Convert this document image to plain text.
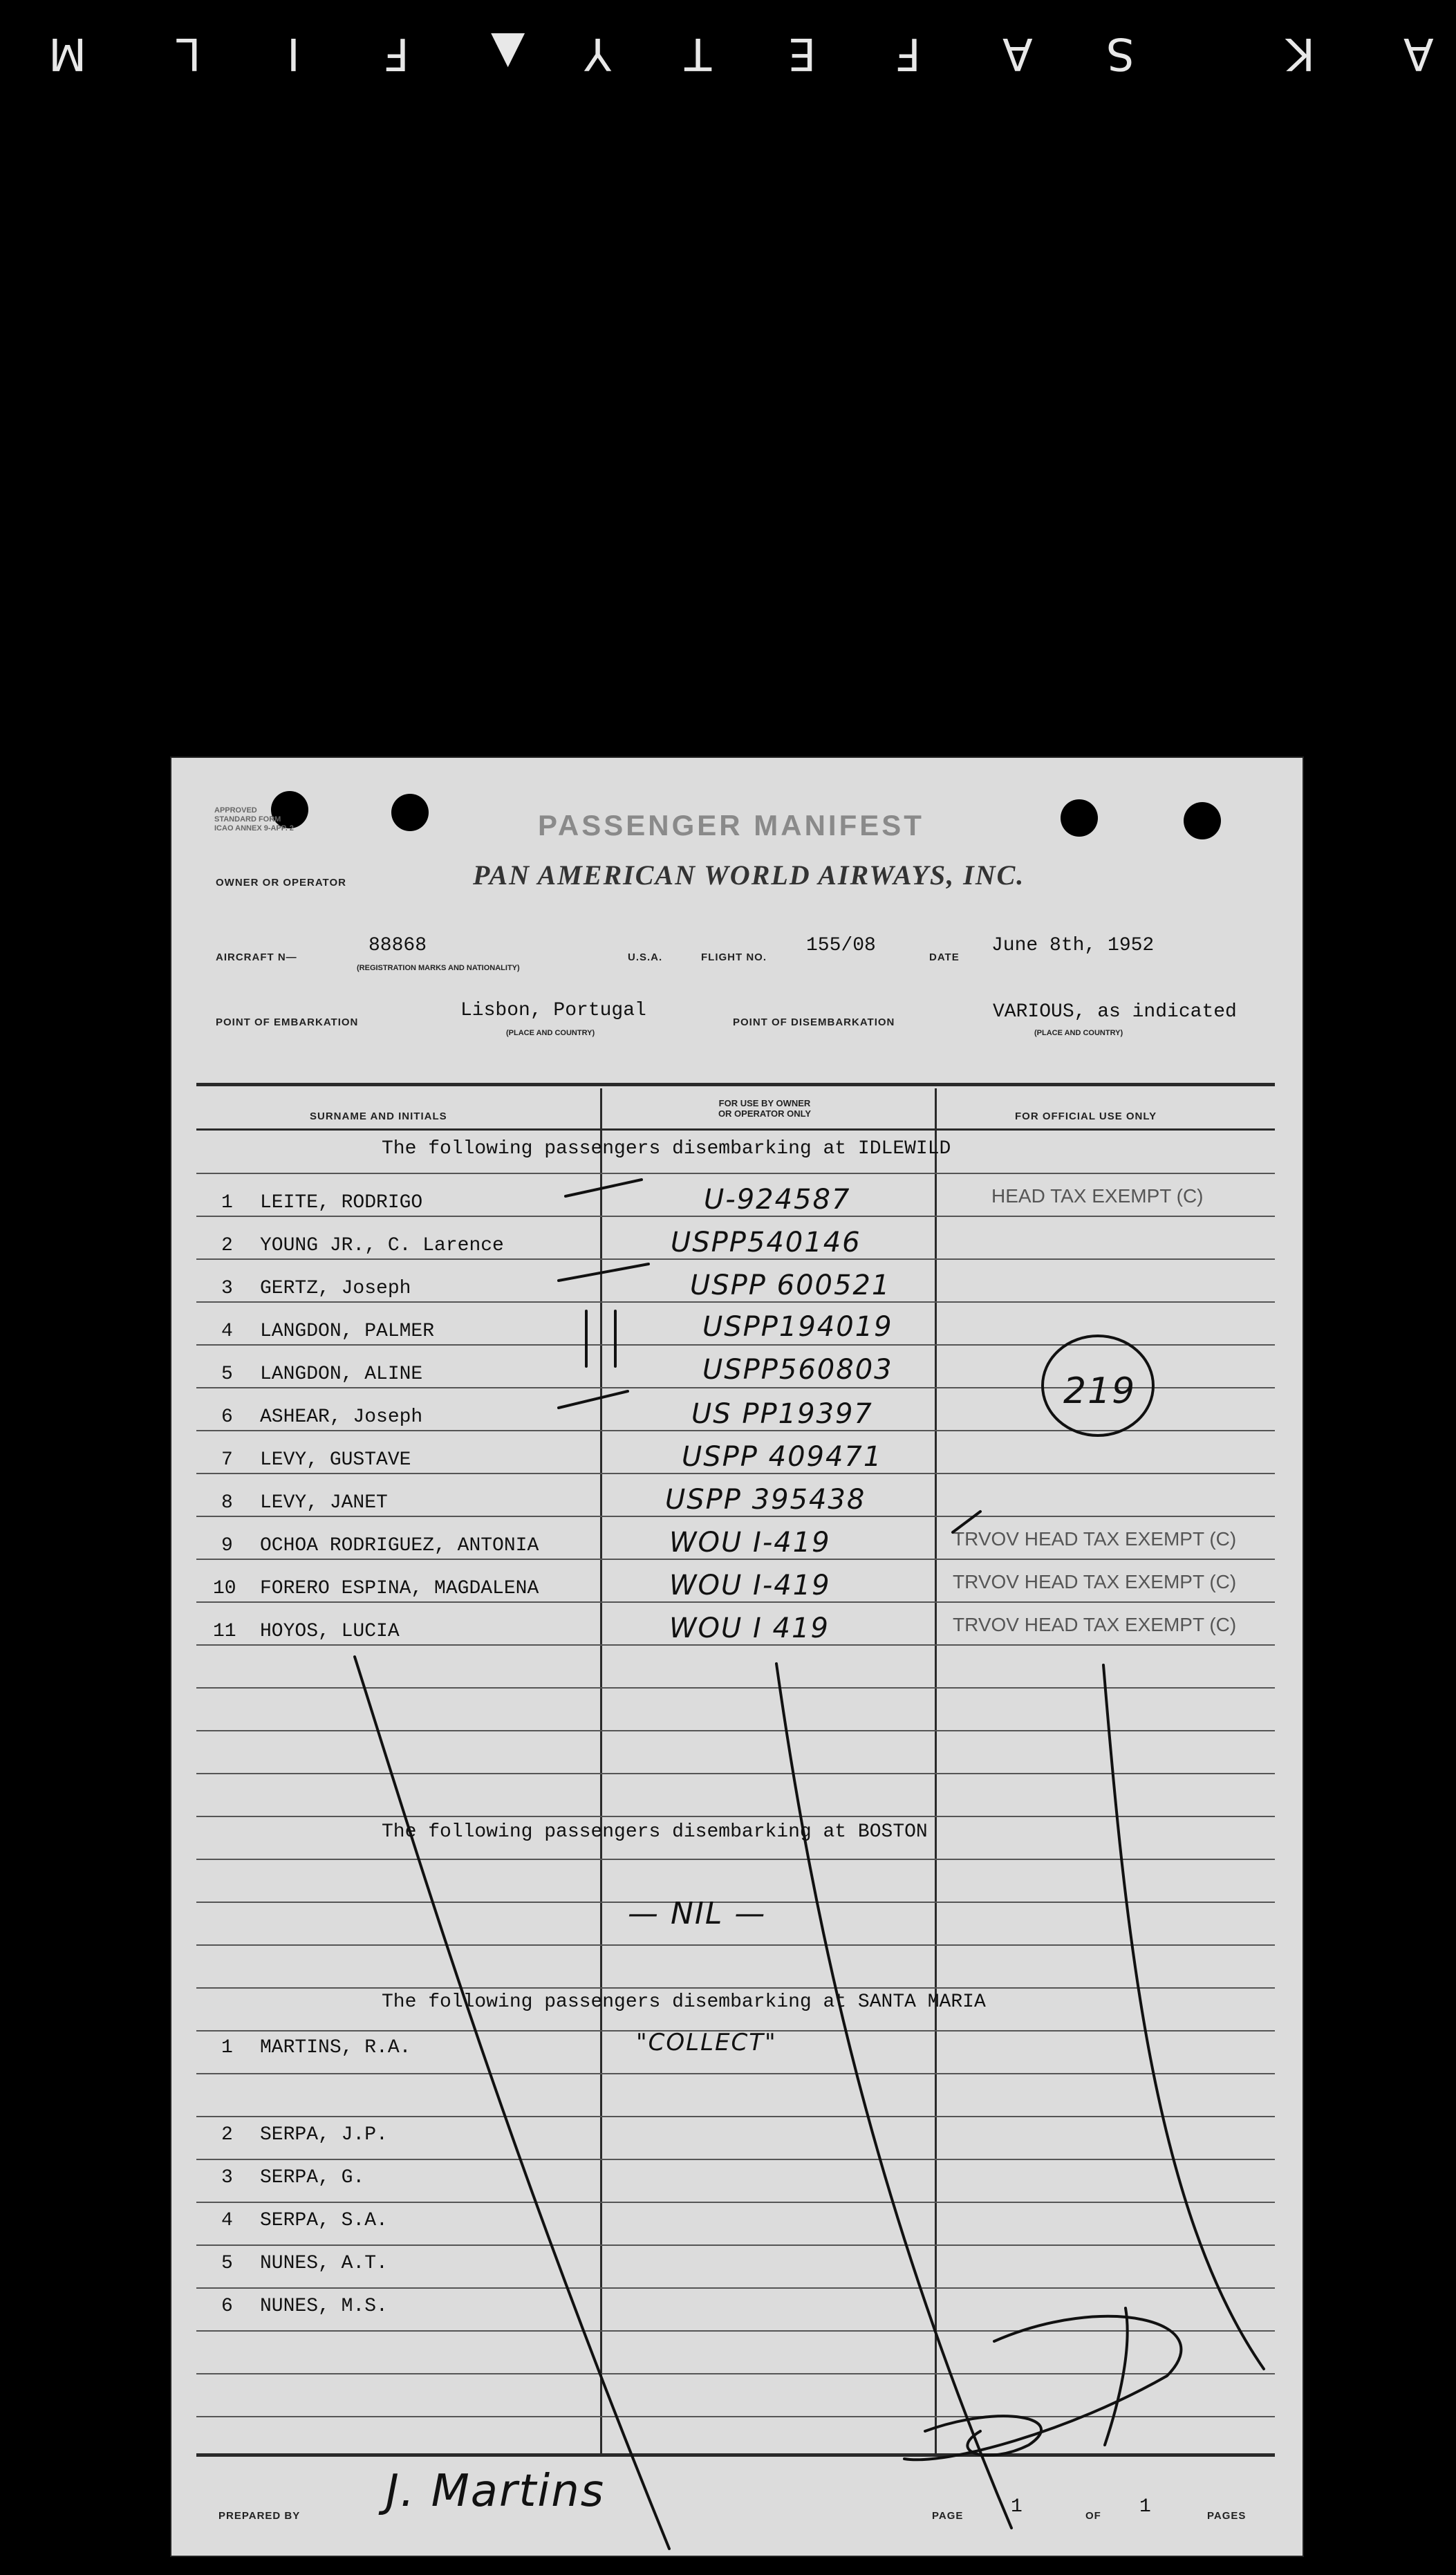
M L I F ▲ Y T E F A S	K A
APPROVED
STANDARD FORM
ICAO ANNEX 9-APP. 2	PASSENGER MANIFEST
OWNER OR OPERATOR	PAN AMERICAN WORLD AIRWAYS, INC.
AIRCRAFT N—
88868
(REGISTRATION MARKS AND NATIONALITY)
U.S.A.	FLIGHT NO.
155/08
DATE
June 8th, 1952
POINT OF EMBARKATION
Lisbon, Portugal
(PLACE AND COUNTRY)
POINT OF DISEMBARKATION	VARIOUS, as indicated
(PLACE AND COUNTRY)
SURNAME AND INITIALS
FOR USE BY OWNER
OR OPERATOR ONLY	FOR OFFICIAL USE ONLY
The following passengers disembarking at IDLEWILD
1 LEITE, RODRIGO	U-924587	HEAD TAX EXEMPT (C)
2 YOUNG JR., C. Larence	USPP540146
3 GERTZ, Joseph	USPP 600521
4 LANGDON, PALMER	USPP194019
5 LANGDON, ALINE	USPP560803
219
6 ASHEAR, Joseph	US PP19397
7 LEVY, GUSTAVE	USPP 409471
8 LEVY, JANET	USPP 395438
9 OCHOA RODRIGUEZ, ANTONIA	WOU I-419	TRVOV HEAD TAX EXEMPT (C)
10 FORERO ESPINA, MAGDALENA	WOU I-419	TRVOV HEAD TAX EXEMPT (C)
11 HOYOS, LUCIA	WOU I 419	TRVOV HEAD TAX EXEMPT (C)
The following passengers disembarking at BOSTON
— NIL —
The following passengers disembarking at SANTA MARIA
"COLLECT"
1 MARTINS, R.A.
2 SERPA, J.P.
3 SERPA, G.
4 SERPA, S.A.
5 NUNES, A.T.
6 NUNES, M.S.
PREPARED BY J. Martins	PAGE 1	OF 1	PAGES
